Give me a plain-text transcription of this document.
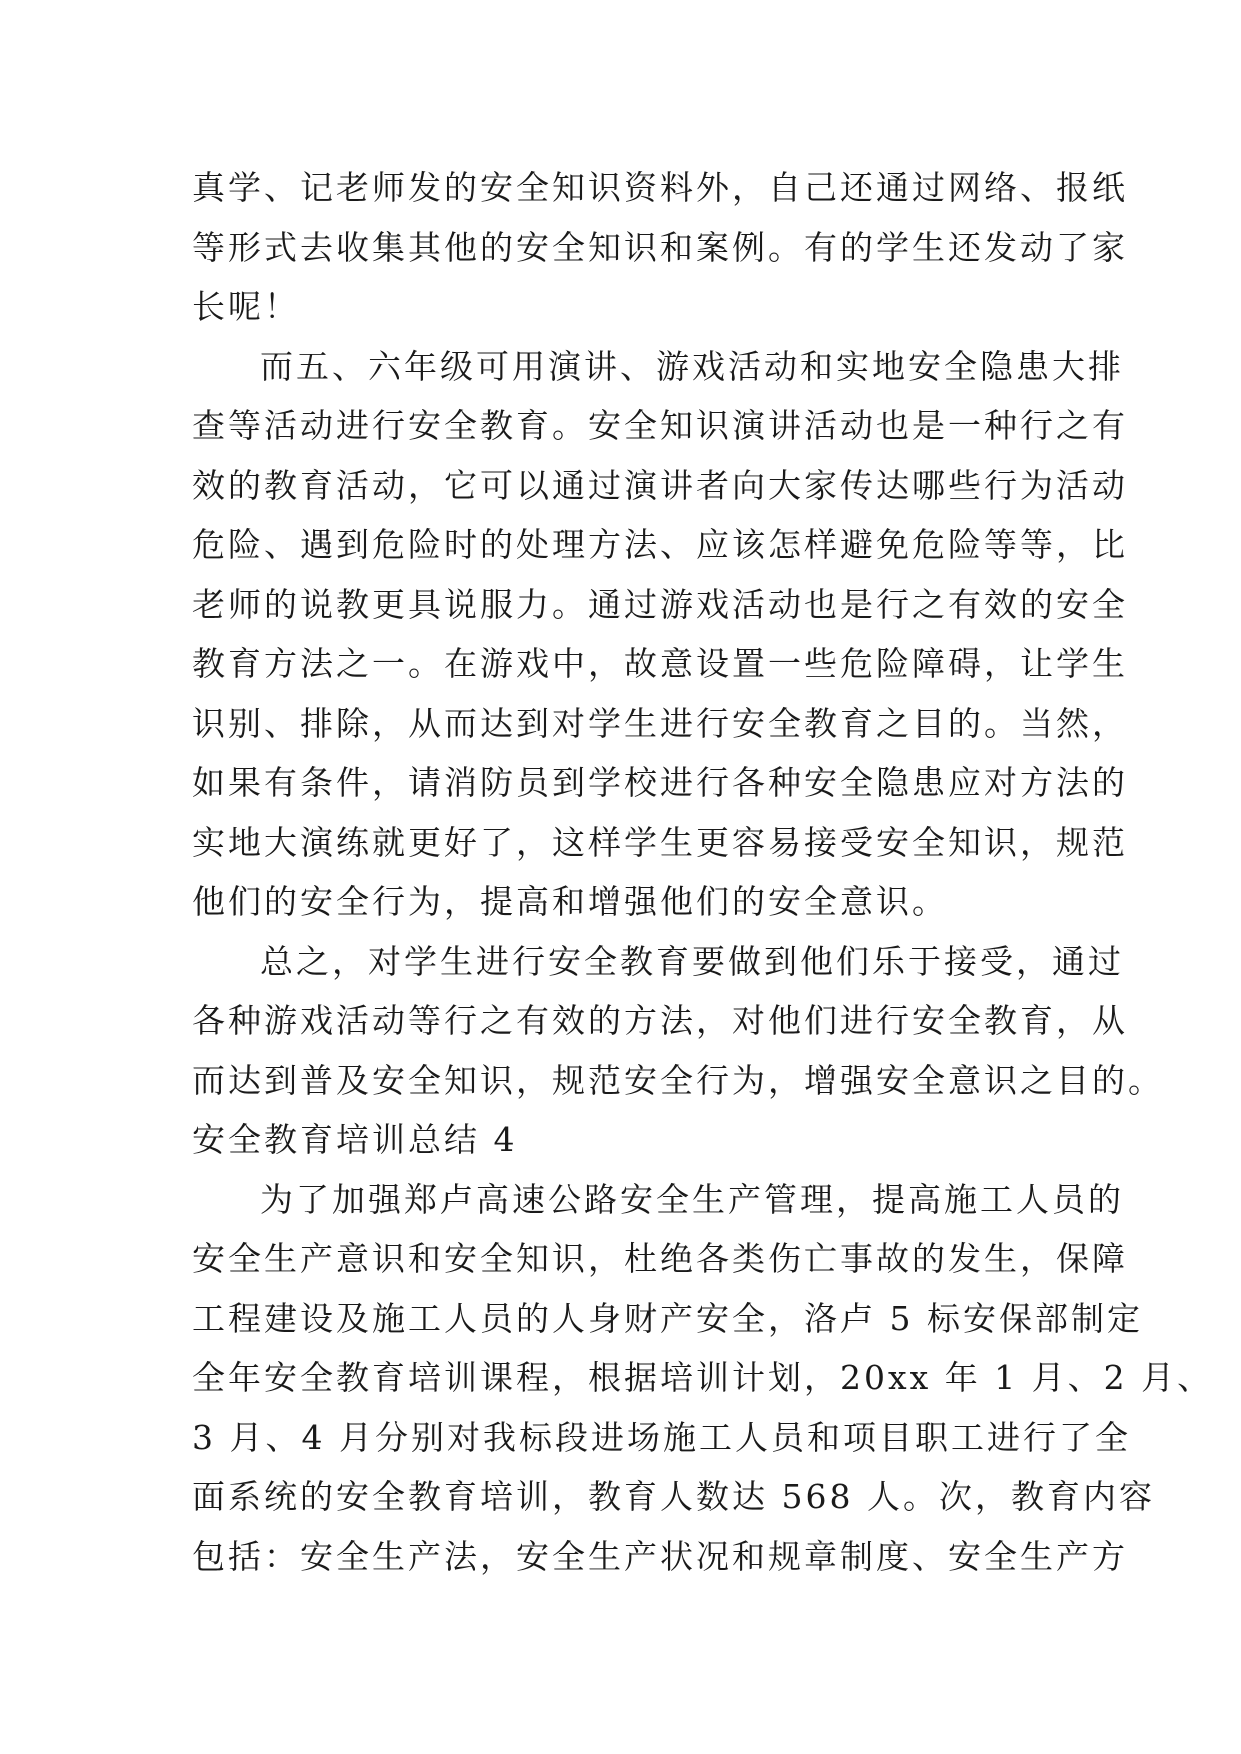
真学、记老师发的安全知识资料外，自己还通过网络、报纸
等形式去收集其他的安全知识和案例。有的学生还发动了家
长呢！
而五、六年级可用演讲、游戏活动和实地安全隐患大排
查等活动进行安全教育。安全知识演讲活动也是一种行之有
效的教育活动，它可以通过演讲者向大家传达哪些行为活动
危险、遇到危险时的处理方法、应该怎样避免危险等等，比
老师的说教更具说服力。通过游戏活动也是行之有效的安全
教育方法之一。在游戏中，故意设置一些危险障碍，让学生
识别、排除，从而达到对学生进行安全教育之目的。当然，
如果有条件，请消防员到学校进行各种安全隐患应对方法的
实地大演练就更好了，这样学生更容易接受安全知识，规范
他们的安全行为，提高和增强他们的安全意识。
总之，对学生进行安全教育要做到他们乐于接受，通过
各种游戏活动等行之有效的方法，对他们进行安全教育，从
而达到普及安全知识，规范安全行为，增强安全意识之目的。
安全教育培训总结 4
为了加强郑卢高速公路安全生产管理，提高施工人员的
安全生产意识和安全知识，杜绝各类伤亡事故的发生，保障
工程建设及施工人员的人身财产安全，洛卢 5 标安保部制定
全年安全教育培训课程，根据培训计划，20xx 年 1 月、2 月、
3 月、4 月分别对我标段进场施工人员和项目职工进行了全
面系统的安全教育培训，教育人数达 568 人。次，教育内容
包括：安全生产法，安全生产状况和规章制度、安全生产方
